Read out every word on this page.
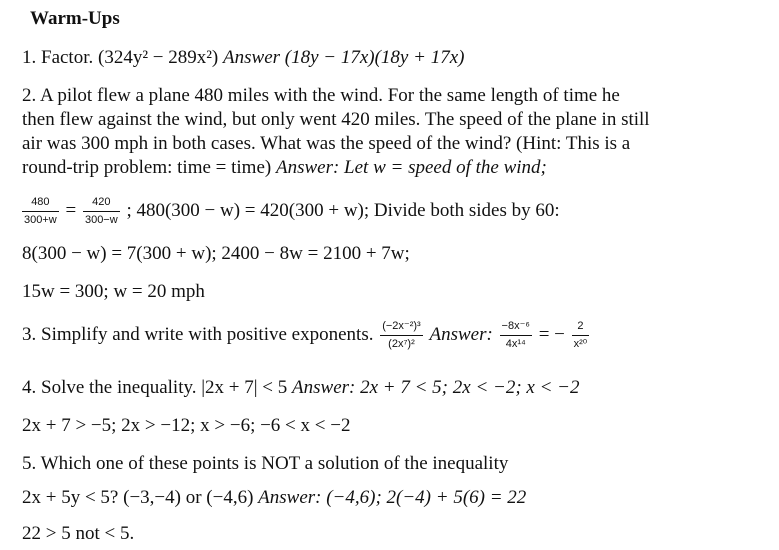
Warm-Ups
1. Factor. (324y² − 289x²) Answer (18y − 17x)(18y + 17x)
2. A pilot flew a plane 480 miles with the wind. For the same length of time he
then flew against the wind, but only went 420 miles. The speed of the plane in still
air was 300 mph in both cases. What was the speed of the wind? (Hint: This is a
round-trip problem: time = time) Answer: Let w = speed of the wind;
$\frac{480}{300+w} = \frac{420}{300-w}$ ; 480(300 − w) = 420(300 + w); Divide both sides by 60:
8(300 − w) = 7(300 + w); 2400 − 8w = 2100 + 7w;
15w = 300; w = 20 mph
3. Simplify and write with positive exponents. $\frac{\text{(−2x⁻²)³}}{\text{(2x⁷)²}}$ Answer: $\frac{\text{−8x⁻⁶}}{\text{4x¹⁴}}$ = − $\frac{2}{\text{x²⁰}}$
4. Solve the inequality. |2x + 7| < 5 Answer: 2x + 7 < 5; 2x < −2; x < −2
2x + 7 > −5; 2x > −12; x > −6; −6 < x < −2
5. Which one of these points is NOT a solution of the inequality
2x + 5y < 5? (−3,−4) or (−4,6) Answer: (−4,6); 2(−4) + 5(6) = 22
22 > 5 not < 5.
